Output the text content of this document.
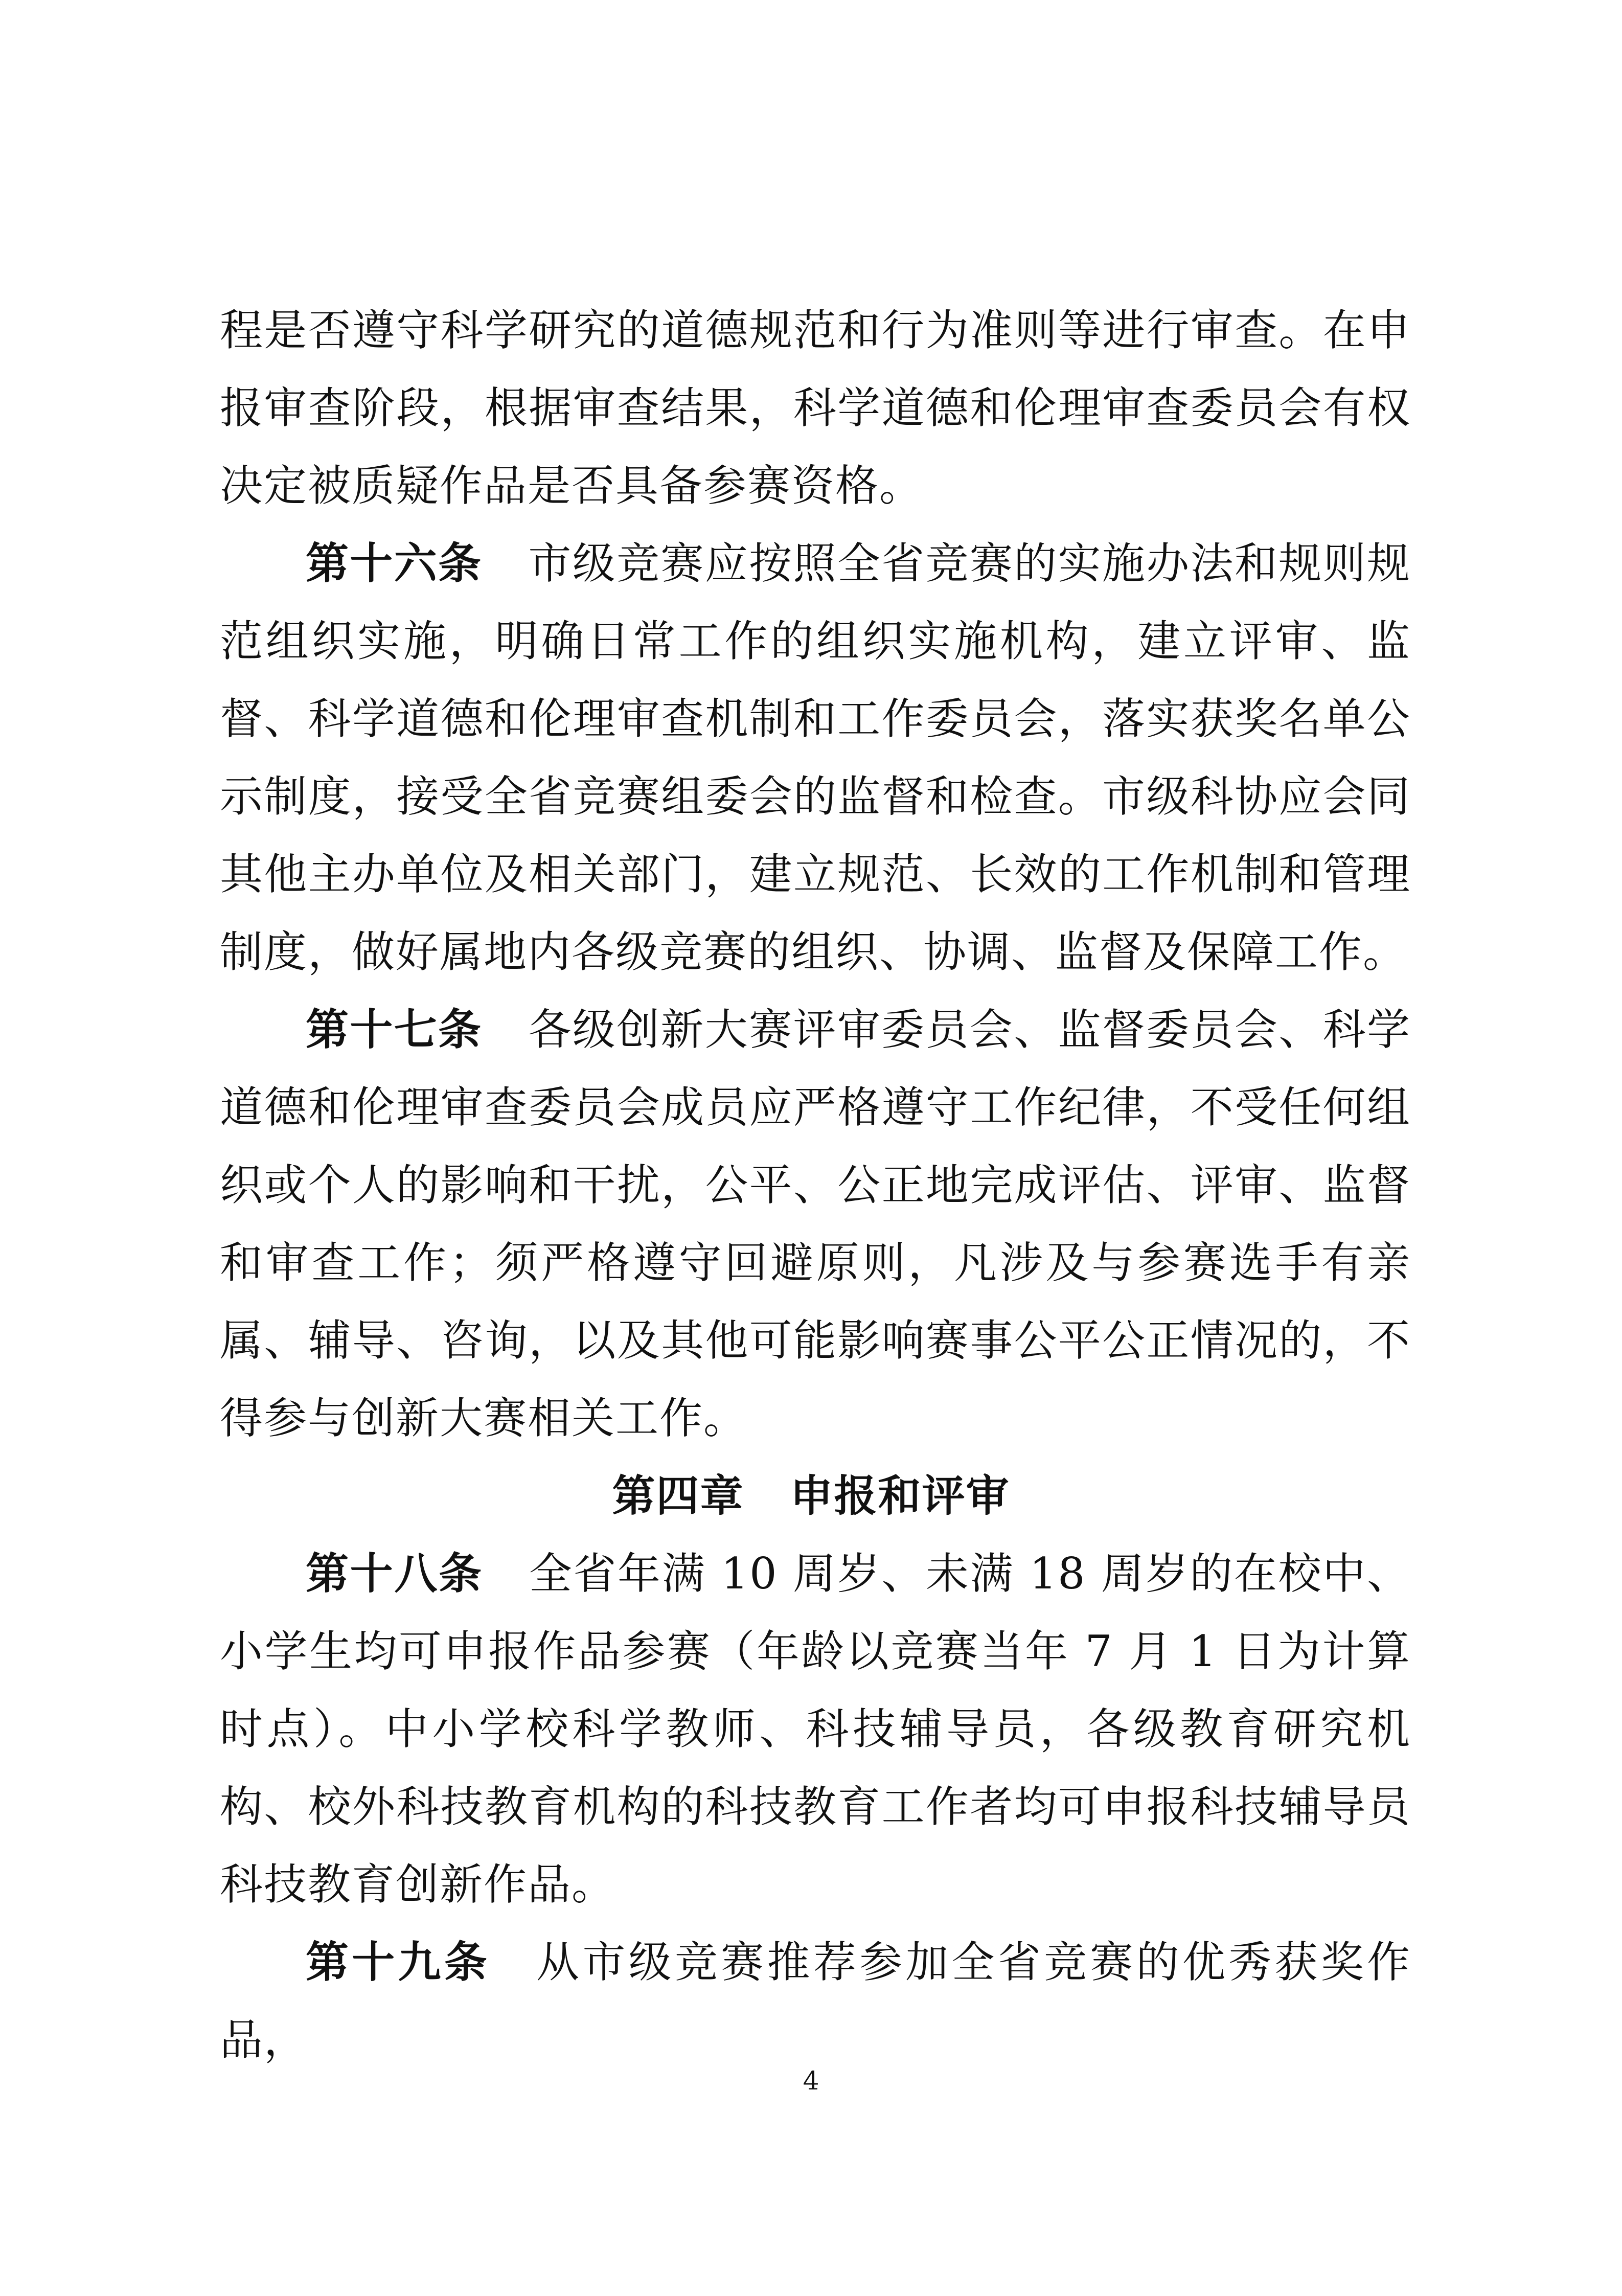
程是否遵守科学研究的道德规范和行为准则等进行审查。在申报审查阶段，根据审查结果，科学道德和伦理审查委员会有权决定被质疑作品是否具备参赛资格。

第十六条 市级竞赛应按照全省竞赛的实施办法和规则规范组织实施，明确日常工作的组织实施机构，建立评审、监督、科学道德和伦理审查机制和工作委员会，落实获奖名单公示制度，接受全省竞赛组委会的监督和检查。市级科协应会同其他主办单位及相关部门，建立规范、长效的工作机制和管理制度，做好属地内各级竞赛的组织、协调、监督及保障工作。

第十七条 各级创新大赛评审委员会、监督委员会、科学道德和伦理审查委员会成员应严格遵守工作纪律，不受任何组织或个人的影响和干扰，公平、公正地完成评估、评审、监督和审查工作；须严格遵守回避原则，凡涉及与参赛选手有亲属、辅导、咨询，以及其他可能影响赛事公平公正情况的，不得参与创新大赛相关工作。

第四章 申报和评审

第十八条 全省年满 10 周岁、未满 18 周岁的在校中、小学生均可申报作品参赛（年龄以竞赛当年 7 月 1 日为计算时点）。中小学校科学教师、科技辅导员，各级教育研究机构、校外科技教育机构的科技教育工作者均可申报科技辅导员科技教育创新作品。

第十九条 从市级竞赛推荐参加全省竞赛的优秀获奖作品，

4
